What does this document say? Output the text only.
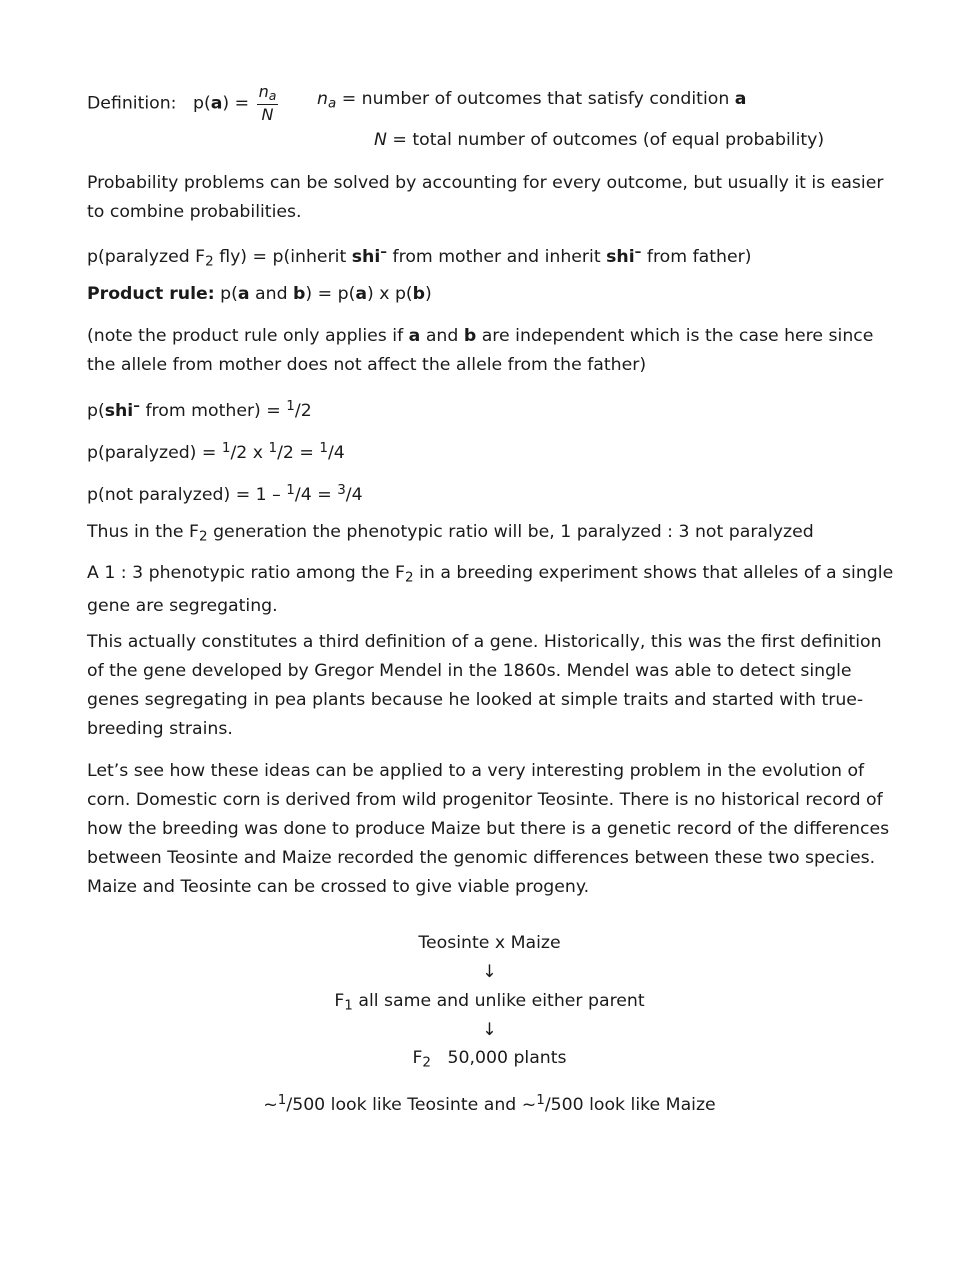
Definition: $p(a) = \frac{n_a}{N} n_a$ = number of outcomes that satisfy condition a
N = total number of outcomes (of equal probability)

Probability problems can be solved by accounting for every outcome, but usually it is easier to combine probabilities.

p(paralyzed $F_2$ fly) = p(inherit shi– from mother and inherit shi– from father)
Product rule: p(a and b) = p(a) x p(b)

(note the product rule only applies if a and b are independent which is the case here since the allele from mother does not affect the allele from the father)

p(shi– from mother) = $^1$/2
p(paralyzed) = $^1$/2 x $^1$/2 = $^1$/4
p(not paralyzed) = 1 – $^1$/4 = $^3$/4
Thus in the $F_2$ generation the phenotypic ratio will be, 1 paralyzed : 3 not paralyzed

A 1 : 3 phenotypic ratio among the $F_2$ in a breeding experiment shows that alleles of a single gene are segregating.

This actually constitutes a third definition of a gene. Historically, this was the first definition of the gene developed by Gregor Mendel in the 1860s. Mendel was able to detect single genes segregating in pea plants because he looked at simple traits and started with true-breeding strains.

Let’s see how these ideas can be applied to a very interesting problem in the evolution of corn. Domestic corn is derived from wild progenitor Teosinte. There is no historical record of how the breeding was done to produce Maize but there is a genetic record of the differences between Teosinte and Maize recorded the genomic differences between these two species. Maize and Teosinte can be crossed to give viable progeny.

Teosinte x Maize
↓
$F_1$ all same and unlike either parent
↓
$F_2$   50,000 plants
~$^1$/500 look like Teosinte and ~$^1$/500 look like Maize
